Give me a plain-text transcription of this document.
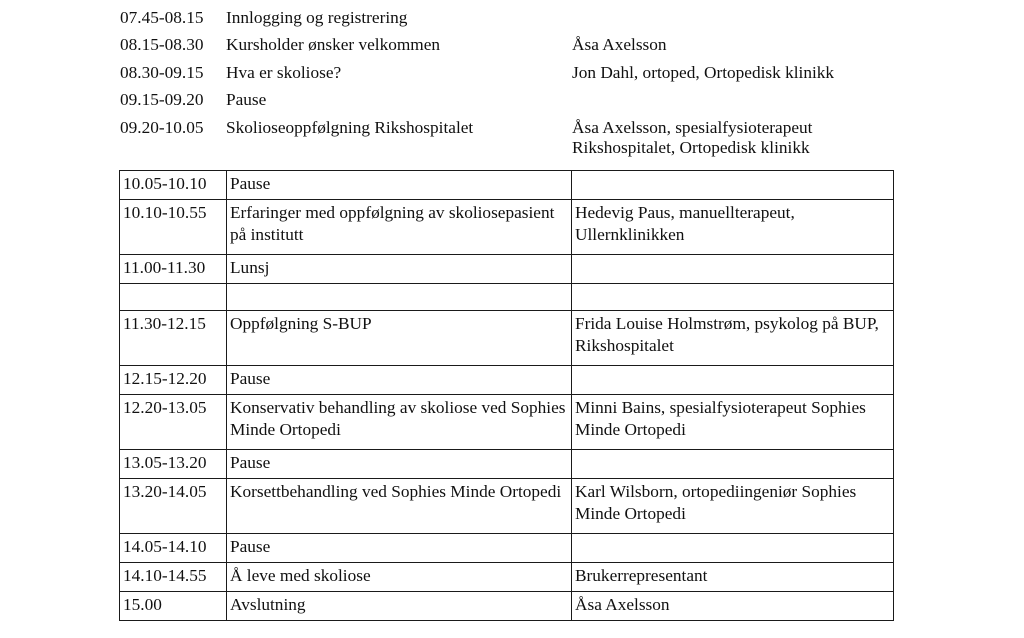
07.45-08.15	Innlogging og registrering
08.15-08.30	Kursholder ønsker velkommen	Åsa Axelsson
08.30-09.15	Hva er skoliose?	Jon Dahl, ortoped, Ortopedisk klinikk
09.15-09.20	Pause
09.20-10.05	Skolioseoppfølgning Rikshospitalet	Åsa Axelsson, spesialfysioterapeut Rikshospitalet, Ortopedisk klinikk
10.05-10.10	Pause	
10.10-10.55	Erfaringer med oppfølgning av skoliosepasient på institutt	Hedevig Paus, manuellterapeut, Ullernklinikken
11.00-11.30	Lunsj	

11.30-12.15	Oppfølgning S-BUP	Frida Louise Holmstrøm, psykolog på BUP, Rikshospitalet
12.15-12.20	Pause	
12.20-13.05	Konservativ behandling av skoliose ved Sophies Minde Ortopedi	Minni Bains, spesialfysioterapeut Sophies Minde Ortopedi
13.05-13.20	Pause	
13.20-14.05	Korsettbehandling ved Sophies Minde Ortopedi	Karl Wilsborn, ortopediingeniør Sophies Minde Ortopedi
14.05-14.10	Pause	
14.10-14.55	Å leve med skoliose	Brukerrepresentant
15.00	Avslutning	Åsa Axelsson
